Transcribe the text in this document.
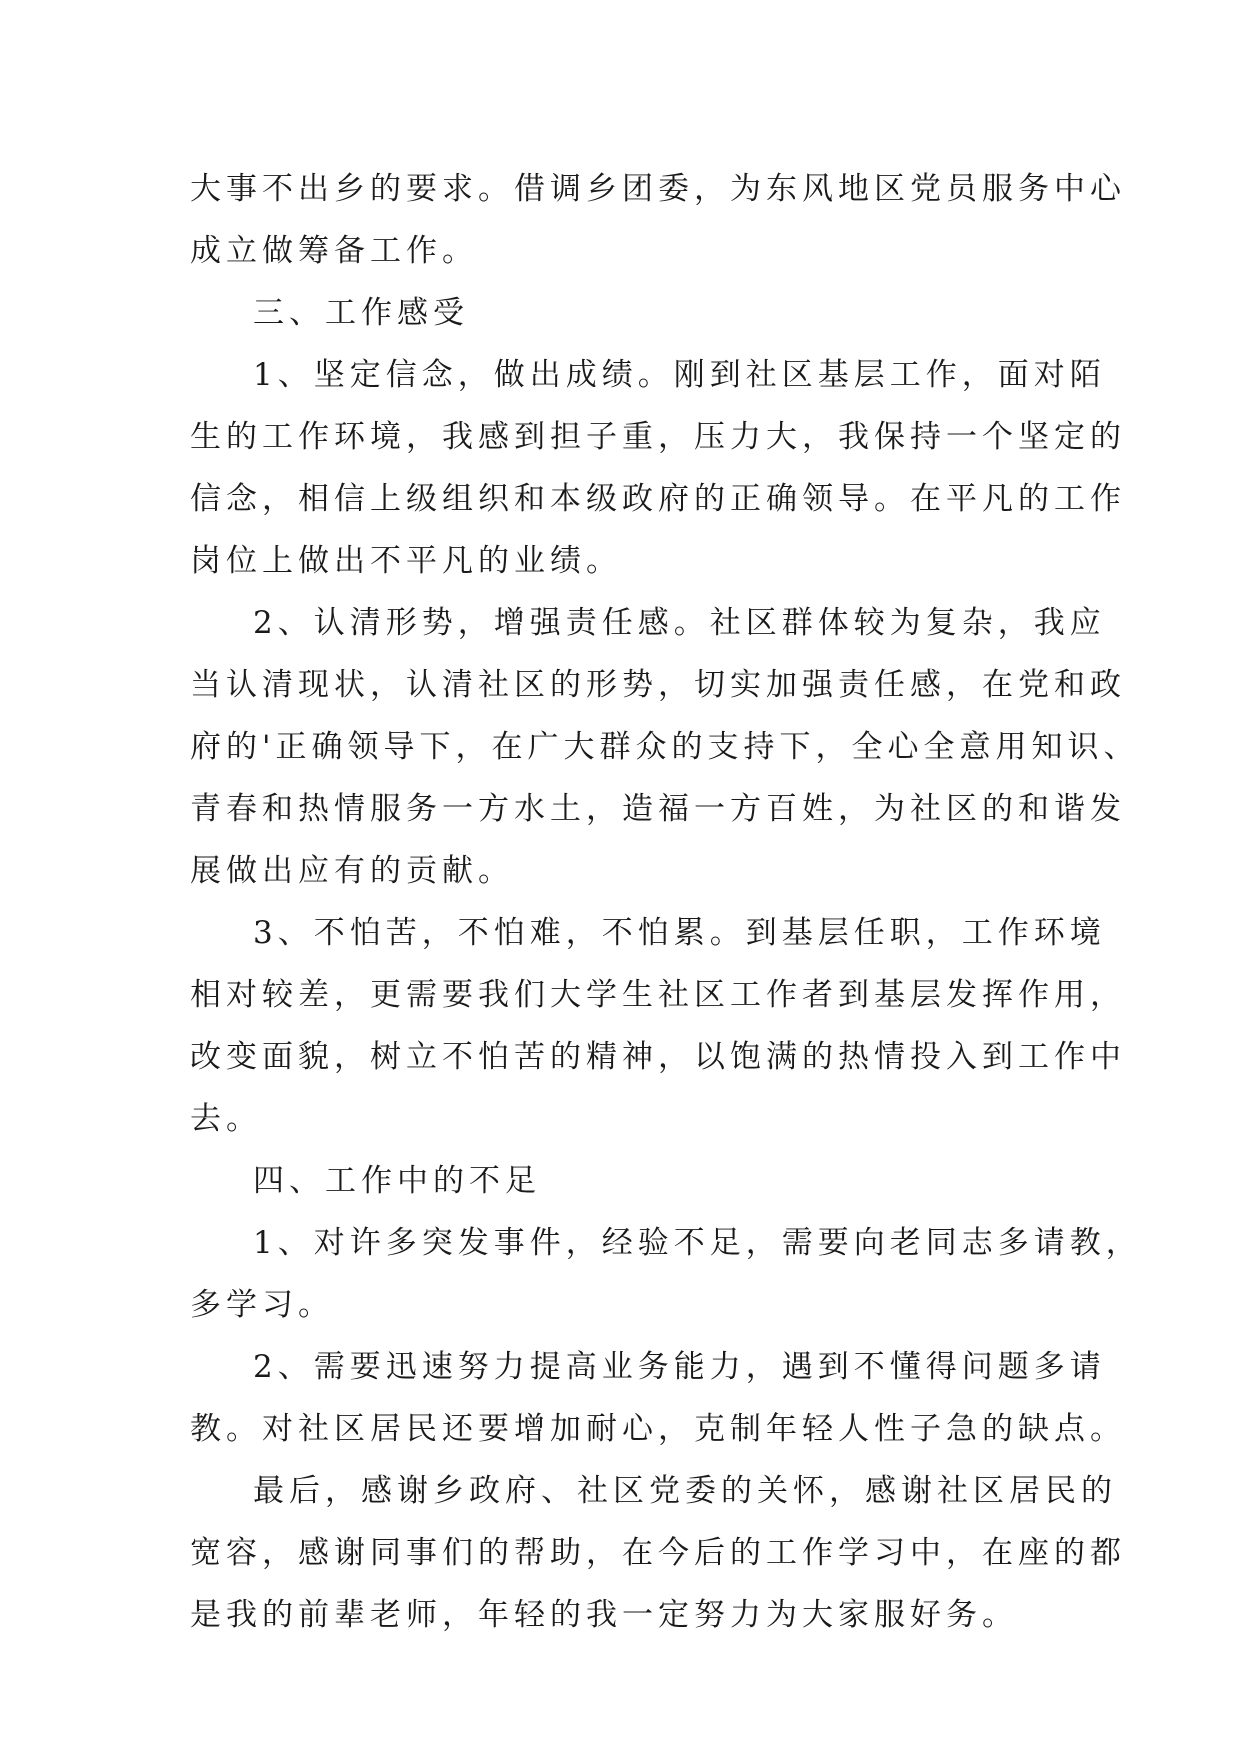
大事不出乡的要求。借调乡团委，为东风地区党员服务中心
成立做筹备工作。
三、工作感受
1、坚定信念，做出成绩。刚到社区基层工作，面对陌
生的工作环境，我感到担子重，压力大，我保持一个坚定的
信念，相信上级组织和本级政府的正确领导。在平凡的工作
岗位上做出不平凡的业绩。
2、认清形势，增强责任感。社区群体较为复杂，我应
当认清现状，认清社区的形势，切实加强责任感，在党和政
府的'正确领导下，在广大群众的支持下，全心全意用知识、
青春和热情服务一方水土，造福一方百姓，为社区的和谐发
展做出应有的贡献。
3、不怕苦，不怕难，不怕累。到基层任职，工作环境
相对较差，更需要我们大学生社区工作者到基层发挥作用，
改变面貌，树立不怕苦的精神，以饱满的热情投入到工作中
去。
四、工作中的不足
1、对许多突发事件，经验不足，需要向老同志多请教，
多学习。
2、需要迅速努力提高业务能力，遇到不懂得问题多请
教。对社区居民还要增加耐心，克制年轻人性子急的缺点。
最后，感谢乡政府、社区党委的关怀，感谢社区居民的
宽容，感谢同事们的帮助，在今后的工作学习中，在座的都
是我的前辈老师，年轻的我一定努力为大家服好务。
